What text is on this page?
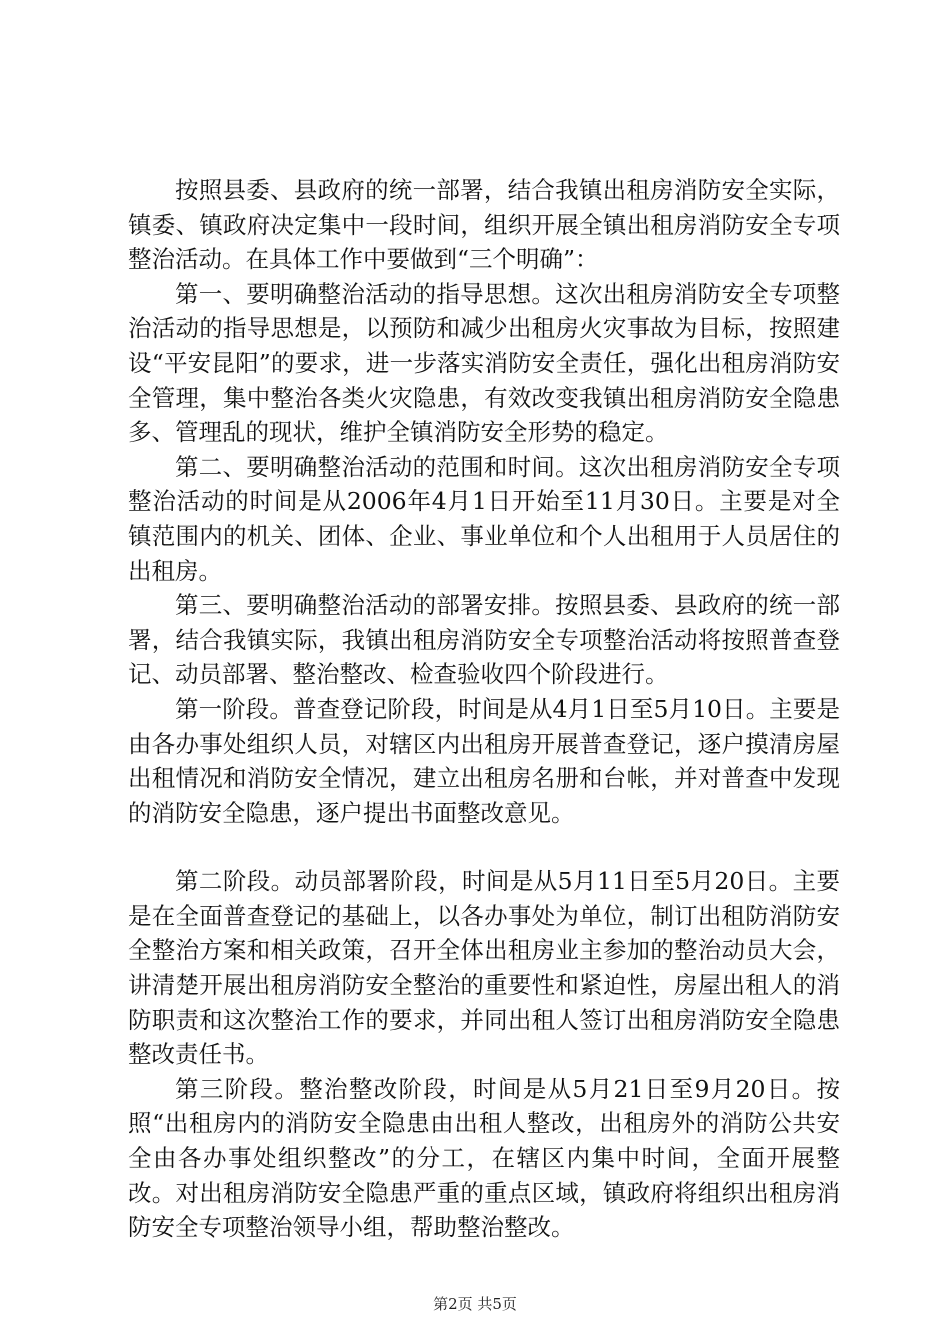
按照县委、县政府的统一部署，结合我镇出租房消防安全实际，镇委、镇政府决定集中一段时间，组织开展全镇出租房消防安全专项整治活动。在具体工作中要做到“三个明确”：

第一、要明确整治活动的指导思想。这次出租房消防安全专项整治活动的指导思想是，以预防和减少出租房火灾事故为目标，按照建设“平安昆阳”的要求，进一步落实消防安全责任，强化出租房消防安全管理，集中整治各类火灾隐患，有效改变我镇出租房消防安全隐患多、管理乱的现状，维护全镇消防安全形势的稳定。

第二、要明确整治活动的范围和时间。这次出租房消防安全专项整治活动的时间是从2006年4月1日开始至11月30日。主要是对全镇范围内的机关、团体、企业、事业单位和个人出租用于人员居住的出租房。

第三、要明确整治活动的部署安排。按照县委、县政府的统一部署，结合我镇实际，我镇出租房消防安全专项整治活动将按照普查登记、动员部署、整治整改、检查验收四个阶段进行。

第一阶段。普查登记阶段，时间是从4月1日至5月10日。主要是由各办事处组织人员，对辖区内出租房开展普查登记，逐户摸清房屋出租情况和消防安全情况，建立出租房名册和台帐，并对普查中发现的消防安全隐患，逐户提出书面整改意见。

第二阶段。动员部署阶段，时间是从5月11日至5月20日。主要是在全面普查登记的基础上，以各办事处为单位，制订出租防消防安全整治方案和相关政策，召开全体出租房业主参加的整治动员大会，讲清楚开展出租房消防安全整治的重要性和紧迫性，房屋出租人的消防职责和这次整治工作的要求，并同出租人签订出租房消防安全隐患整改责任书。

第三阶段。整治整改阶段，时间是从5月21日至9月20日。按照“出租房内的消防安全隐患由出租人整改，出租房外的消防公共安全由各办事处组织整改”的分工，在辖区内集中时间，全面开展整改。对出租房消防安全隐患严重的重点区域，镇政府将组织出租房消防安全专项整治领导小组，帮助整治整改。

第2页 共5页
